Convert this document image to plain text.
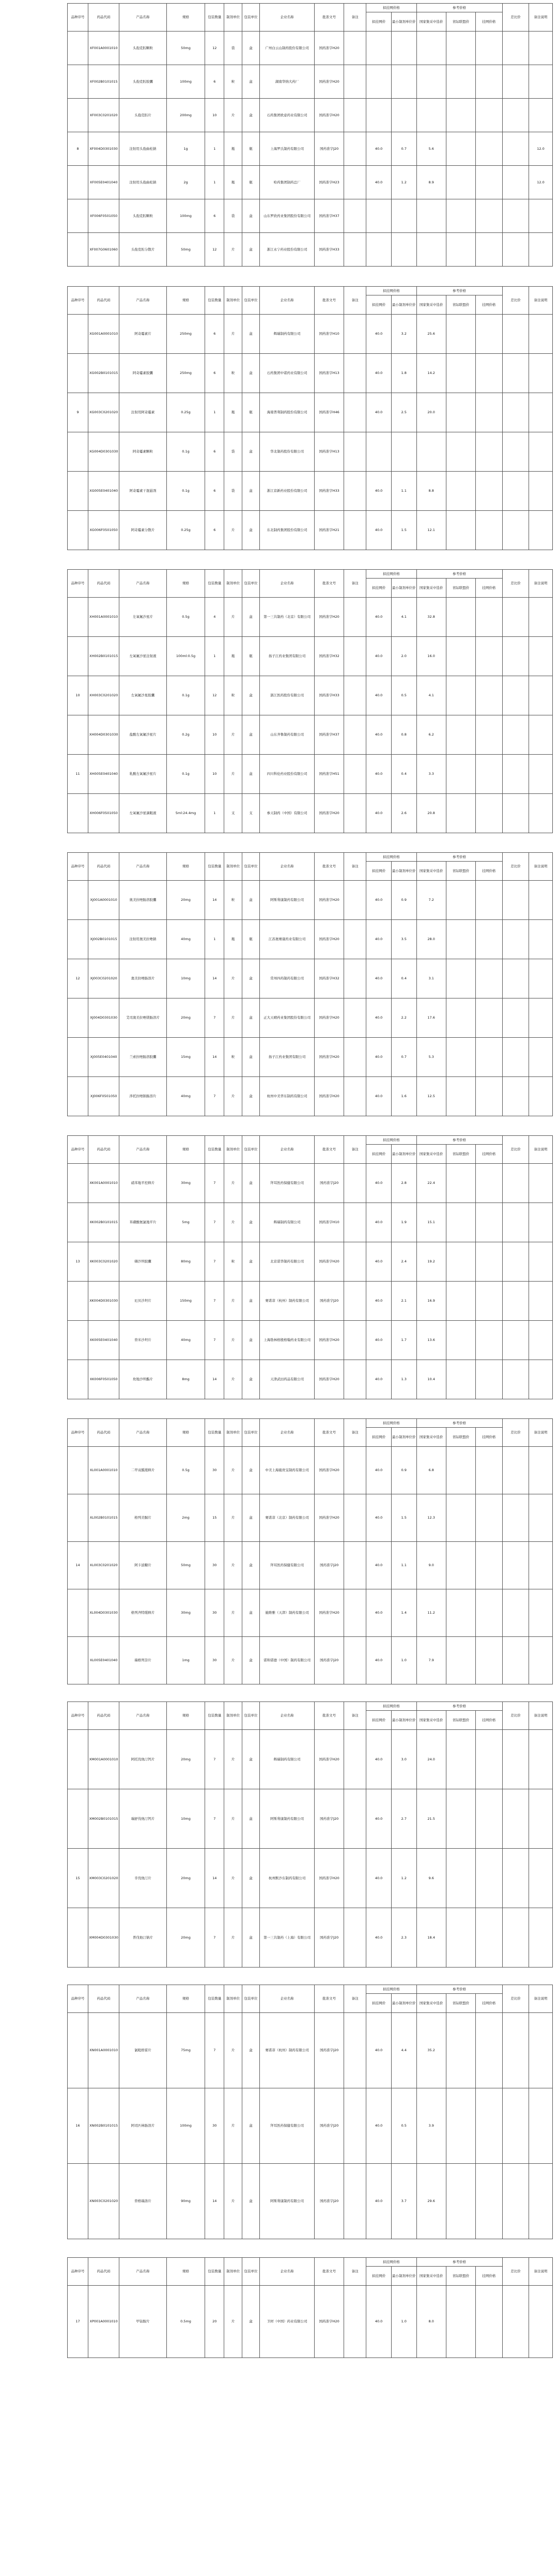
品种序号	药品代码	产品名称	规格	包装数量	制剂单位	包装单位	企业名称	批准文号	备注	拟挂网价格		参考价格			差比价	备注说明
										拟挂网价	最小制剂单位价	国家集采中选价	省际联盟价	挂网价格		
	XF001A0001010	头孢克肟颗粒	50mg	12	袋	盒	广州白云山制药股份有限公司	国药准字H20								
	XF002B0101015	头孢克肟胶囊	100mg	6	粒	盒	湖南华纳大药厂	国药准字H20								
	XF003C0201020	头孢克肟片	200mg	10	片	盒	石药集团欧意药业有限公司	国药准字H20								
8	XF004D0301030	注射用头孢曲松钠	1g	1	瓶	瓶	上海罗氏制药有限公司	国药准字J20		40.0	0.7	5.6				12.0
	XF005E0401040	注射用头孢曲松钠	2g	1	瓶	瓶	哈药集团制药总厂	国药准字H23		40.0	1.2	8.9				12.0
	XF006F0501050	头孢克肟颗粒	100mg	6	袋	盒	山东罗欣药业集团股份有限公司	国药准字H37								
	XF007G0601060	头孢克肟分散片	50mg	12	片	盒	浙江永宁药业股份有限公司	国药准字H33								
品种序号	药品代码	产品名称	规格	包装数量	制剂单位	包装单位	企业名称	批准文号	备注	拟挂网价格		参考价格			差比价	备注说明
										拟挂网价	最小制剂单位价	国家集采中选价	省际联盟价	挂网价格		
	XG001A0001010	阿奇霉素片	250mg	6	片	盒	辉瑞制药有限公司	国药准字H10		40.0	3.2	25.6				
	XG002B0101015	阿奇霉素胶囊	250mg	6	粒	盒	石药集团中诺药业有限公司	国药准字H13		40.0	1.8	14.2				
9	XG003C0201020	注射用阿奇霉素	0.25g	1	瓶	瓶	海南普利制药股份有限公司	国药准字H46		40.0	2.5	20.0				
	XG004D0301030	阿奇霉素颗粒	0.1g	6	袋	盒	华北制药股份有限公司	国药准字H13								
	XG005E0401040	阿奇霉素干混悬剂	0.1g	6	袋	盒	浙江京新药业股份有限公司	国药准字H33		40.0	1.1	8.8				
	XG006F0501050	阿奇霉素分散片	0.25g	6	片	盒	东北制药集团股份有限公司	国药准字H21		40.0	1.5	12.1				
品种序号	药品代码	产品名称	规格	包装数量	制剂单位	包装单位	企业名称	批准文号	备注	拟挂网价格		参考价格			差比价	备注说明
										拟挂网价	最小制剂单位价	国家集采中选价	省际联盟价	挂网价格		
	XH001A0001010	左氧氟沙星片	0.5g	4	片	盒	第一三共制药（北京）有限公司	国药准字H20		40.0	4.1	32.8				
	XH002B0101015	左氧氟沙星注射液	100ml:0.5g	1	瓶	瓶	扬子江药业集团有限公司	国药准字H32		40.0	2.0	16.0				
10	XH003C0201020	左氧氟沙星胶囊	0.1g	12	粒	盒	浙江医药股份有限公司	国药准字H33		40.0	0.5	4.1				
	XH004D0301030	盐酸左氧氟沙星片	0.2g	10	片	盒	山东齐鲁制药有限公司	国药准字H37		40.0	0.8	6.2				
11	XH005E0401040	乳酸左氧氟沙星片	0.1g	10	片	盒	四川科伦药业股份有限公司	国药准字H51		40.0	0.4	3.3				
	XH006F0501050	左氧氟沙星滴眼液	5ml:24.4mg	1	支	支	参天制药（中国）有限公司	国药准字H20		40.0	2.6	20.8				
品种序号	药品代码	产品名称	规格	包装数量	制剂单位	包装单位	企业名称	批准文号	备注	拟挂网价格		参考价格			差比价	备注说明
										拟挂网价	最小制剂单位价	国家集采中选价	省际联盟价	挂网价格		
	XJ001A0001010	奥美拉唑肠溶胶囊	20mg	14	粒	盒	阿斯利康制药有限公司	国药准字H20		40.0	0.9	7.2				
	XJ002B0101015	注射用奥美拉唑钠	40mg	1	瓶	瓶	江苏奥赛康药业有限公司	国药准字H20		40.0	3.5	28.0				
12	XJ003C0201020	奥美拉唑肠溶片	10mg	14	片	盒	常州四药制药有限公司	国药准字H32		40.0	0.4	3.1				
	XJ004D0301030	艾司奥美拉唑镁肠溶片	20mg	7	片	盒	正大天晴药业集团股份有限公司	国药准字H20		40.0	2.2	17.6				
	XJ005E0401040	兰索拉唑肠溶胶囊	15mg	14	粒	盒	扬子江药业集团有限公司	国药准字H20		40.0	0.7	5.3				
	XJ006F0501050	泮托拉唑钠肠溶片	40mg	7	片	盒	杭州中美华东制药有限公司	国药准字H20		40.0	1.6	12.5				
品种序号	药品代码	产品名称	规格	包装数量	制剂单位	包装单位	企业名称	批准文号	备注	拟挂网价格		参考价格			差比价	备注说明
										拟挂网价	最小制剂单位价	国家集采中选价	省际联盟价	挂网价格		
	XK001A0001010	硝苯地平控释片	30mg	7	片	盒	拜耳医药保健有限公司	国药准字J20		40.0	2.8	22.4				
	XK002B0101015	苯磺酸氨氯地平片	5mg	7	片	盒	辉瑞制药有限公司	国药准字H10		40.0	1.9	15.1				
13	XK003C0201020	缬沙坦胶囊	80mg	7	粒	盒	北京诺华制药有限公司	国药准字H20		40.0	2.4	19.2				
	XK004D0301030	厄贝沙坦片	150mg	7	片	盒	赛诺菲（杭州）制药有限公司	国药准字J20		40.0	2.1	16.9				
	XK005E0401040	替米沙坦片	40mg	7	片	盒	上海勃林格殷格翰药业有限公司	国药准字H20		40.0	1.7	13.6				
	XK006F0501050	坎地沙坦酯片	8mg	14	片	盒	天津武田药品有限公司	国药准字H20		40.0	1.3	10.4				
品种序号	药品代码	产品名称	规格	包装数量	制剂单位	包装单位	企业名称	批准文号	备注	拟挂网价格		参考价格			差比价	备注说明
										拟挂网价	最小制剂单位价	国家集采中选价	省际联盟价	挂网价格		
	XL001A0001010	二甲双胍缓释片	0.5g	30	片	盒	中美上海施贵宝制药有限公司	国药准字H20		40.0	0.9	6.8				
	XL002B0101015	格列美脲片	2mg	15	片	盒	赛诺菲（北京）制药有限公司	国药准字H20		40.0	1.5	12.3				
14	XL003C0201020	阿卡波糖片	50mg	30	片	盒	拜耳医药保健有限公司	国药准字J20		40.0	1.1	9.0				
	XL004D0301030	格列齐特缓释片	30mg	30	片	盒	施维雅（天津）制药有限公司	国药准字H20		40.0	1.4	11.2				
	XL005E0401040	瑞格列奈片	1mg	30	片	盒	诺和诺德（中国）制药有限公司	国药准字J20		40.0	1.0	7.9				
品种序号	药品代码	产品名称	规格	包装数量	制剂单位	包装单位	企业名称	批准文号	备注	拟挂网价格		参考价格			差比价	备注说明
										拟挂网价	最小制剂单位价	国家集采中选价	省际联盟价	挂网价格		
	XM001A0001010	阿托伐他汀钙片	20mg	7	片	盒	辉瑞制药有限公司	国药准字H20		40.0	3.0	24.0				
	XM002B0101015	瑞舒伐他汀钙片	10mg	7	片	盒	阿斯利康制药有限公司	国药准字J20		40.0	2.7	21.5				
15	XM003C0201020	辛伐他汀片	20mg	14	片	盒	杭州默沙东制药有限公司	国药准字H20		40.0	1.2	9.6				
	XM004D0301030	普伐他汀钠片	20mg	7	片	盒	第一三共制药（上海）有限公司	国药准字J20		40.0	2.3	18.4				
品种序号	药品代码	产品名称	规格	包装数量	制剂单位	包装单位	企业名称	批准文号	备注	拟挂网价格		参考价格			差比价	备注说明
										拟挂网价	最小制剂单位价	国家集采中选价	省际联盟价	挂网价格		
	XN001A0001010	氯吡格雷片	75mg	7	片	盒	赛诺菲（杭州）制药有限公司	国药准字J20		40.0	4.4	35.2				
16	XN002B0101015	阿司匹林肠溶片	100mg	30	片	盒	拜耳医药保健有限公司	国药准字J20		40.0	0.5	3.9				
	XN003C0201020	替格瑞洛片	90mg	14	片	盒	阿斯利康制药有限公司	国药准字J20		40.0	3.7	29.6				
品种序号	药品代码	产品名称	规格	包装数量	制剂单位	包装单位	企业名称	批准文号	备注	拟挂网价格		参考价格			差比价	备注说明
										拟挂网价	最小制剂单位价	国家集采中选价	省际联盟价	挂网价格		
17	XP001A0001010	甲钴胺片	0.5mg	20	片	盒	卫材（中国）药业有限公司	国药准字H20		40.0	1.0	8.0				
